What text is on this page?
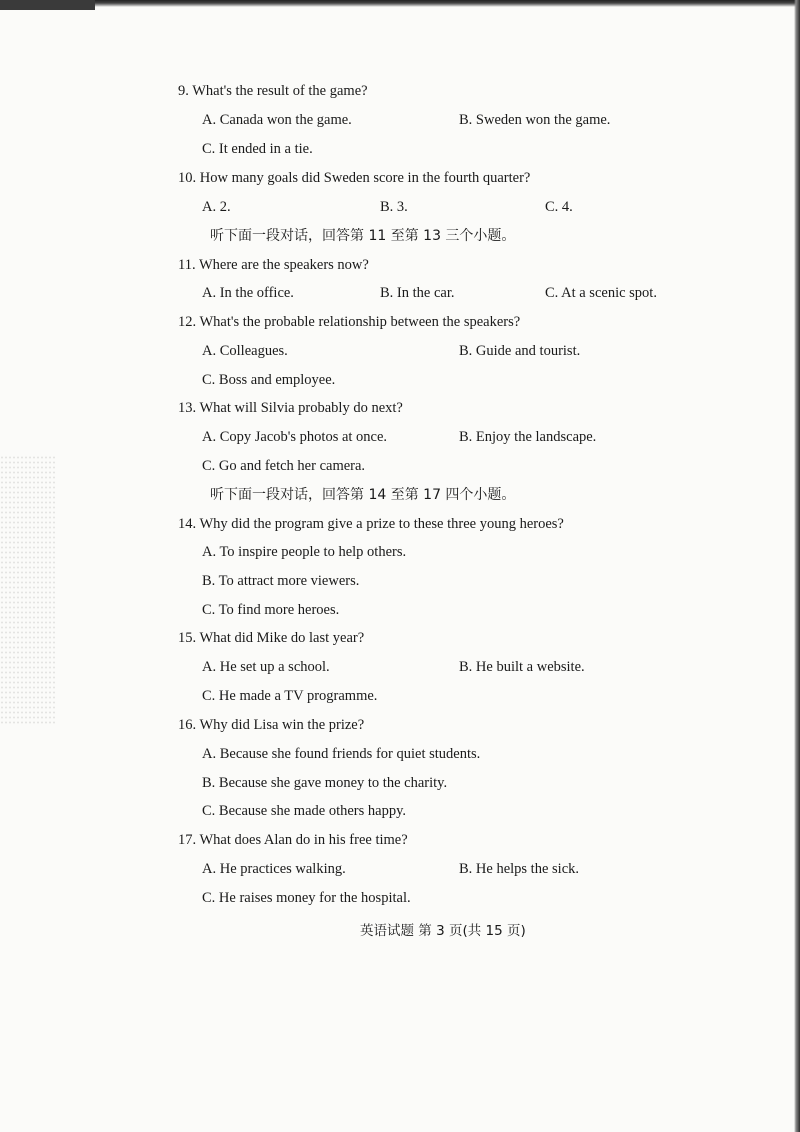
9. What's the result of the game?
A. Canada won the game.	B. Sweden won the game.
C. It ended in a tie.
10. How many goals did Sweden score in the fourth quarter?
A. 2.	B. 3.	C. 4.
听下面一段对话，回答第 11 至第 13 三个小题。
11. Where are the speakers now?
A. In the office.	B. In the car.	C. At a scenic spot.
12. What's the probable relationship between the speakers?
A. Colleagues.	B. Guide and tourist.
C. Boss and employee.
13. What will Silvia probably do next?
A. Copy Jacob's photos at once.	B. Enjoy the landscape.
C. Go and fetch her camera.
听下面一段对话，回答第 14 至第 17 四个小题。
14. Why did the program give a prize to these three young heroes?
A. To inspire people to help others.
B. To attract more viewers.
C. To find more heroes.
15. What did Mike do last year?
A. He set up a school.	B. He built a website.
C. He made a TV programme.
16. Why did Lisa win the prize?
A. Because she found friends for quiet students.
B. Because she gave money to the charity.
C. Because she made others happy.
17. What does Alan do in his free time?
A. He practices walking.	B. He helps the sick.
C. He raises money for the hospital.
英语试题 第 3 页(共 15 页)
